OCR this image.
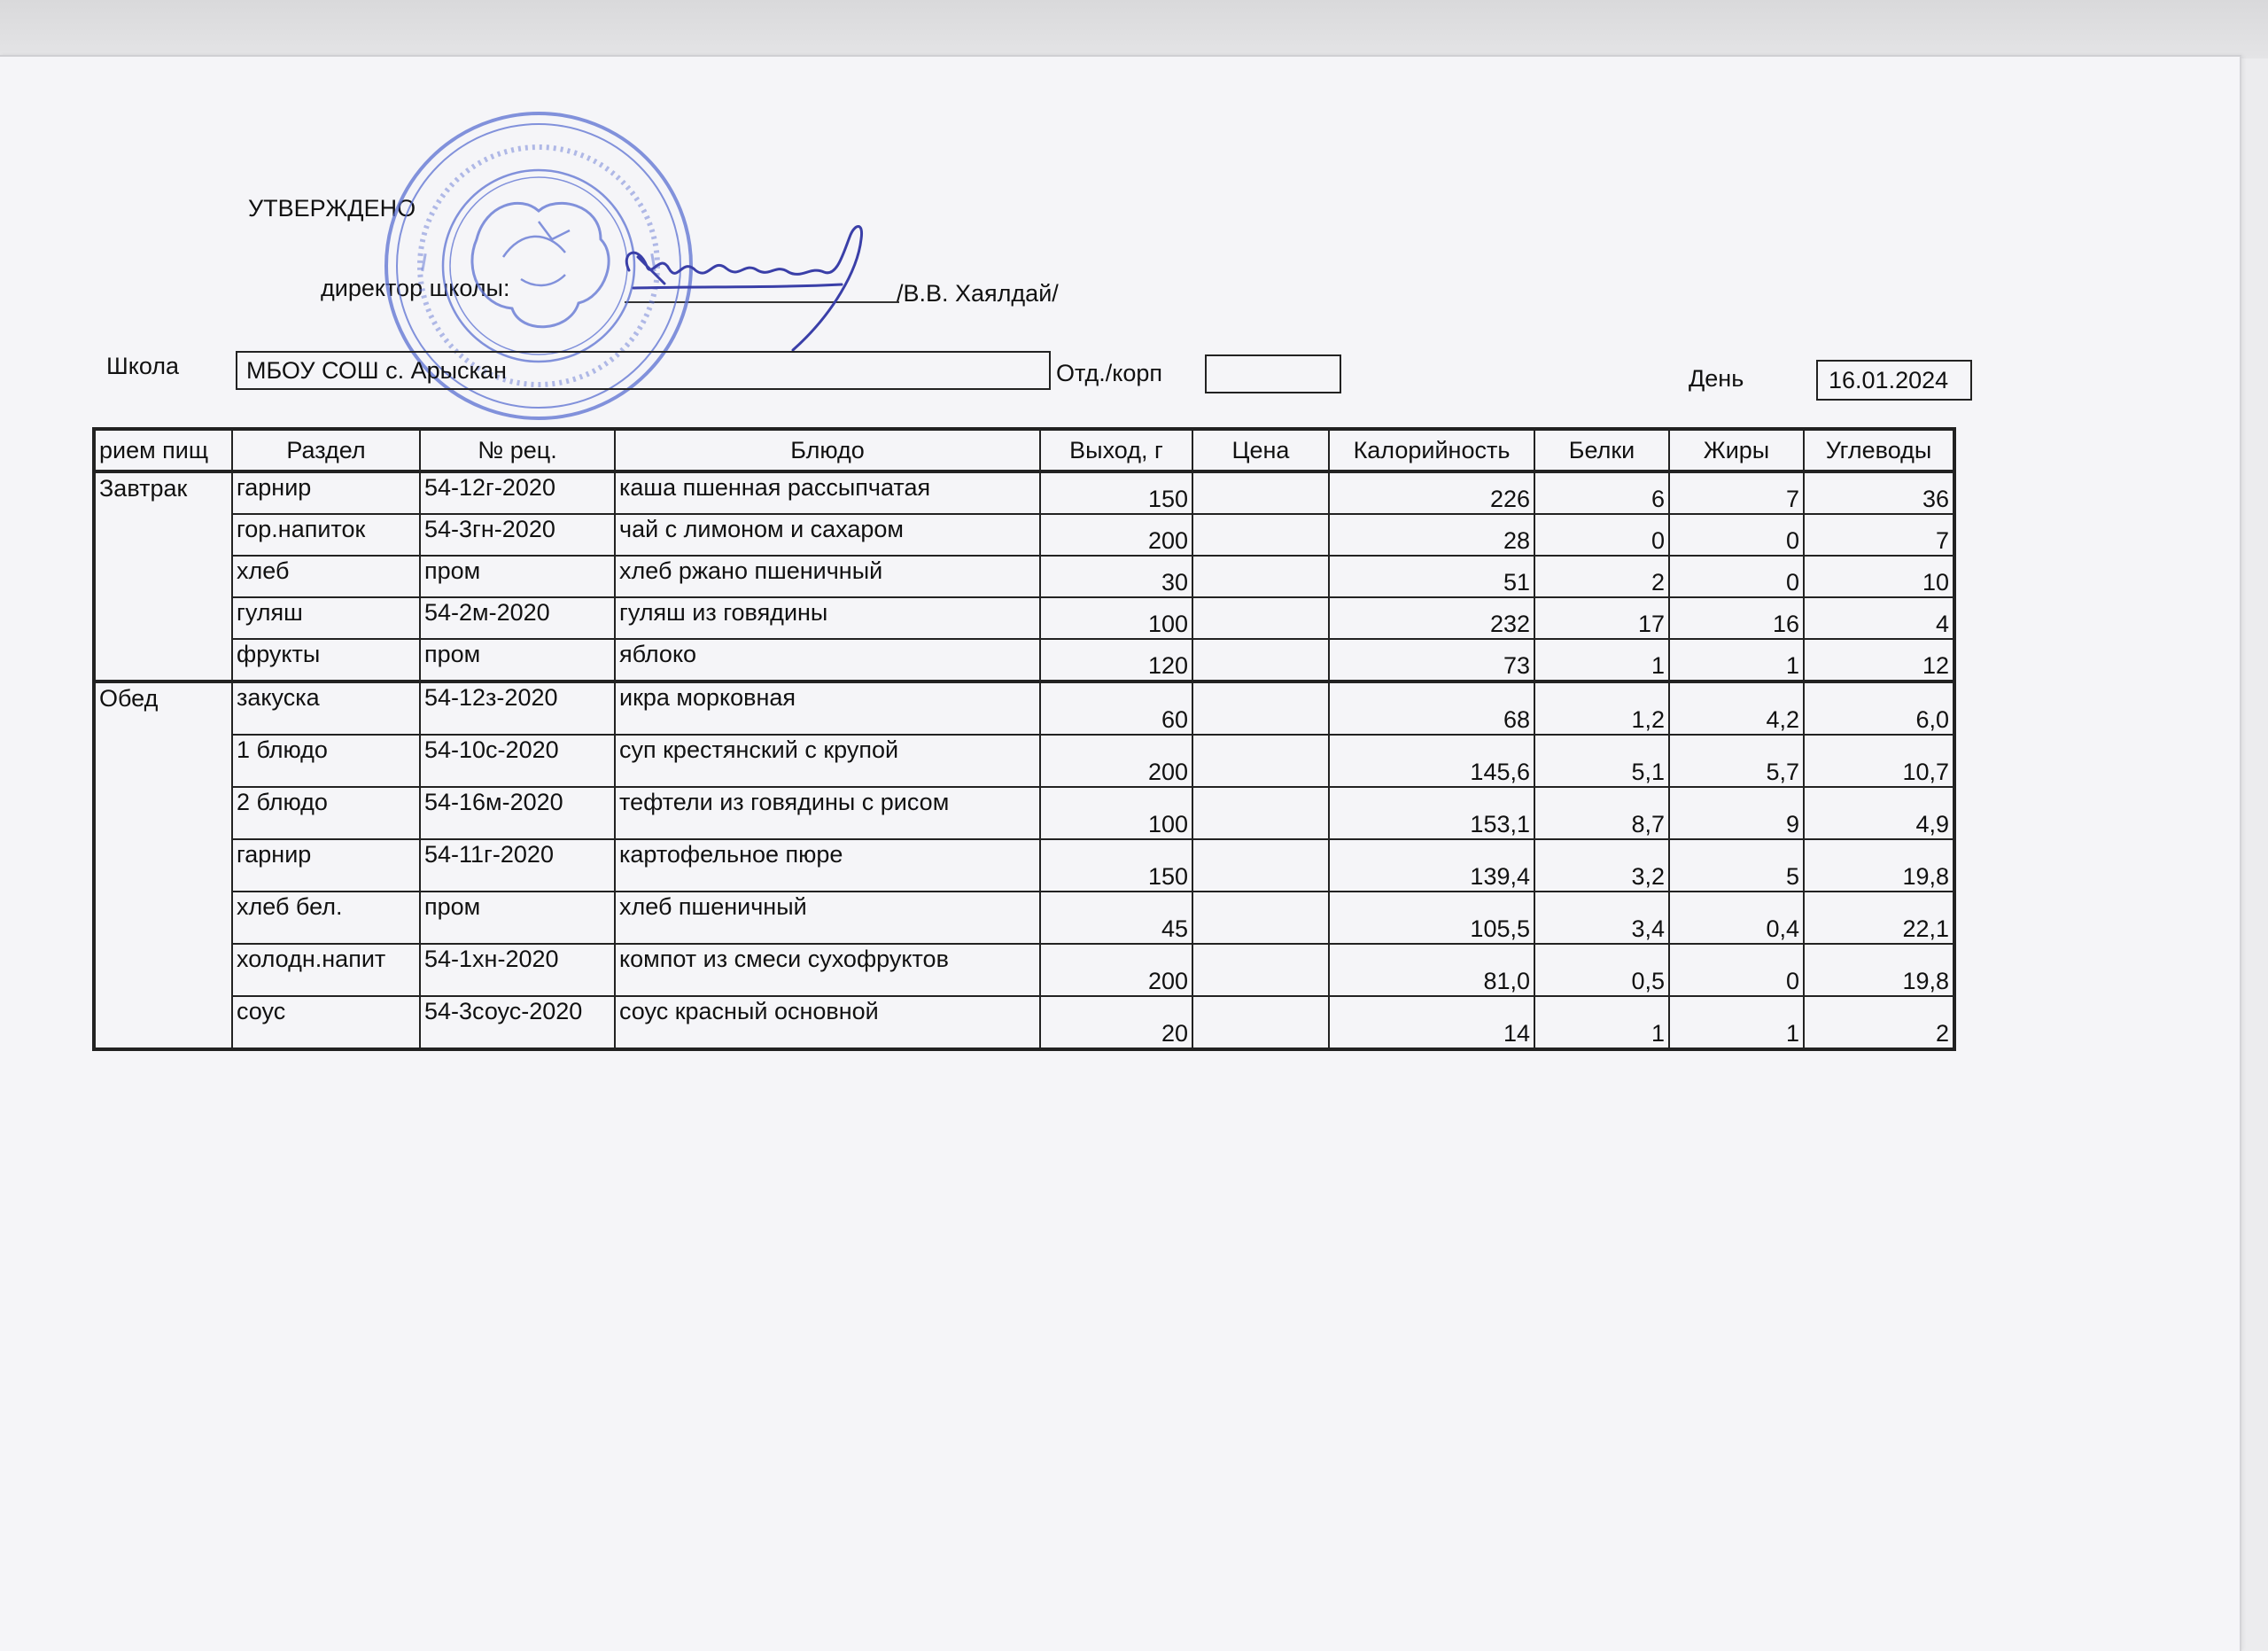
УТВЕРЖДЕНО
директор школы:	/В.В. Хаялдай/
Школа	МБОУ СОШ с. Арыскан	Отд./корп	День	16.01.2024
рием пищ	Раздел	№ рец.	Блюдо	Выход, г	Цена	Калорийность	Белки	Жиры	Углеводы
Завтрак	гарнир	54-12г-2020	каша пшенная рассыпчатая	150		226	6	7	36
	гор.напиток	54-3гн-2020	чай с лимоном и сахаром	200		28	0	0	7
	хлеб	пром	хлеб ржано пшеничный	30		51	2	0	10
	гуляш	54-2м-2020	гуляш из говядины	100		232	17	16	4
	фрукты	пром	яблоко	120		73	1	1	12
Обед	закуска	54-12з-2020	икра морковная	60		68	1,2	4,2	6,0
	1 блюдо	54-10с-2020	суп крестянский с крупой	200		145,6	5,1	5,7	10,7
	2 блюдо	54-16м-2020	тефтели из говядины с рисом	100		153,1	8,7	9	4,9
	гарнир	54-11г-2020	картофельное пюре	150		139,4	3,2	5	19,8
	хлеб бел.	пром	хлеб пшеничный	45		105,5	3,4	0,4	22,1
	холодн.напит	54-1хн-2020	компот из смеси сухофруктов	200		81,0	0,5	0	19,8
	соус	54-3соус-2020	соус красный основной	20		14	1	1	2
